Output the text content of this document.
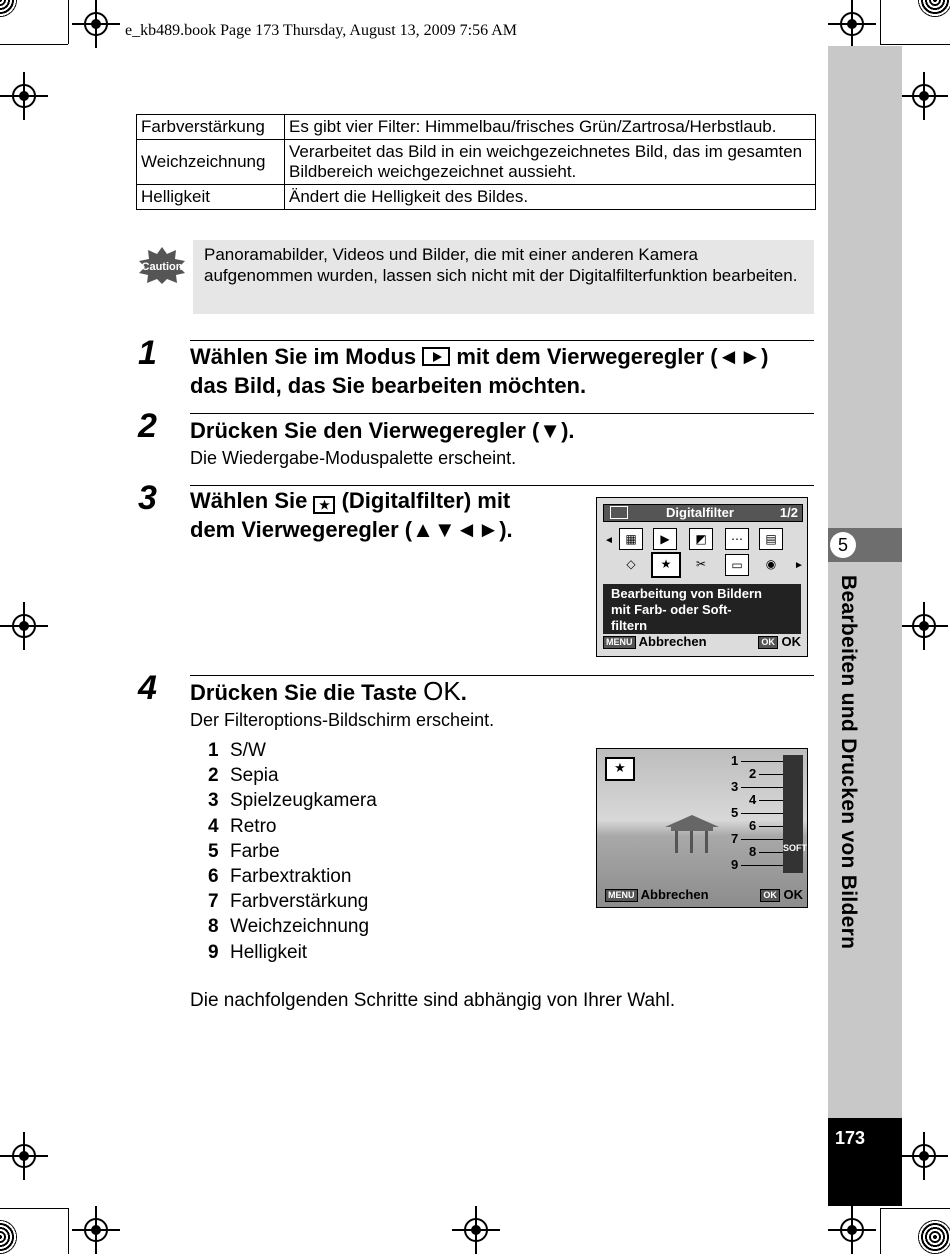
e_kb489.book Page 173 Thursday, August 13, 2009 7:56 AM
5
Bearbeiten und Drucken von Bildern
173
Farbverstärkung	Es gibt vier Filter: Himmelbau/frisches Grün/Zartrosa/Herbstlaub.
Weichzeichnung	Verarbeitet das Bild in ein weichgezeichnetes Bild, das im gesamten Bildbereich weichgezeichnet aussieht.
Helligkeit	Ändert die Helligkeit des Bildes.
Caution
Panoramabilder, Videos und Bilder, die mit einer anderen Kamera aufgenommen wurden, lassen sich nicht mit der Digitalfilterfunktion bearbeiten.
1 Wählen Sie im Modus
mit dem Vierwegeregler (◄►)
das Bild, das Sie bearbeiten möchten.
2 Drücken Sie den Vierwegeregler (▼).
Die Wiedergabe-Moduspalette erscheint.
3 Wählen Sie ★ (Digitalfilter) mit
dem Vierwegeregler (▲▼◄►).
Digitalfilter	1/2
◄
►
▦	▶	◩	⋯	▤
◇	★	✂	▭	◉
Bearbeitung von Bildern
mit Farb- oder Soft-
filtern
MENU Abbrechen	OK OK
4 Drücken Sie die Taste OK.
Der Filteroptions-Bildschirm erscheint.
1 S/W
2 Sepia
3 Spielzeugkamera
4 Retro
5 Farbe
6 Farbextraktion
7 Farbverstärkung
8 Weichzeichnung
9 Helligkeit
★	1
2
3
4
5
6
7
8
9
SOFT
MENU Abbrechen	OK OK
Die nachfolgenden Schritte sind abhängig von Ihrer Wahl.
